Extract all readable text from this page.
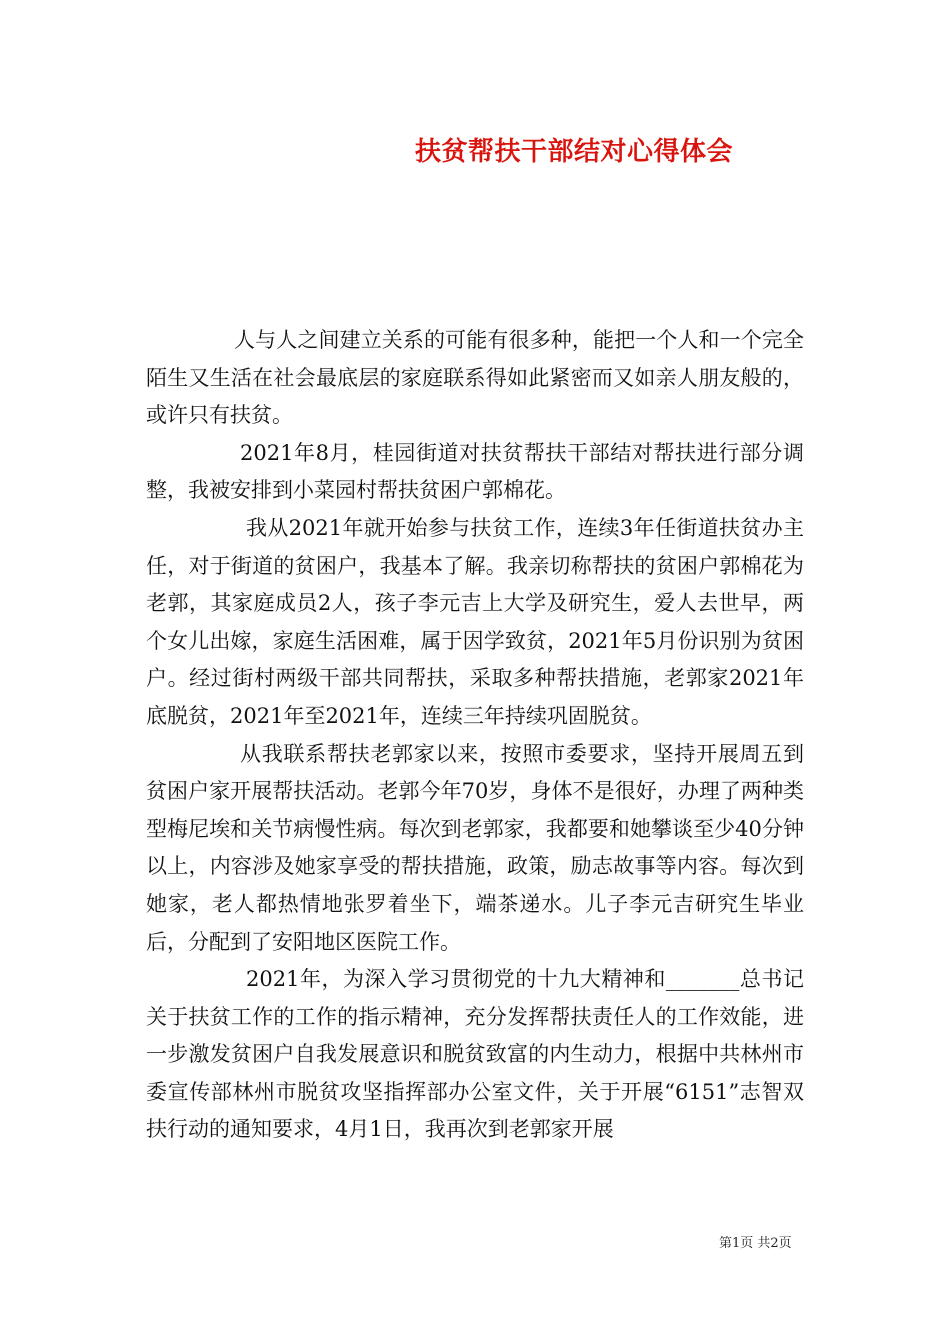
扶贫帮扶干部结对心得体会

人与人之间建立关系的可能有很多种，能把一个人和一个完全陌生又生活在社会最底层的家庭联系得如此紧密而又如亲人朋友般的，或许只有扶贫。

2021年8月，桂园街道对扶贫帮扶干部结对帮扶进行部分调整，我被安排到小菜园村帮扶贫困户郭棉花。

我从2021年就开始参与扶贫工作，连续3年任街道扶贫办主任，对于街道的贫困户，我基本了解。我亲切称帮扶的贫困户郭棉花为老郭，其家庭成员2人，孩子李元吉上大学及研究生，爱人去世早，两个女儿出嫁，家庭生活困难，属于因学致贫，2021年5月份识别为贫困户。经过街村两级干部共同帮扶，采取多种帮扶措施，老郭家2021年底脱贫，2021年至2021年，连续三年持续巩固脱贫。

从我联系帮扶老郭家以来，按照市委要求，坚持开展周五到贫困户家开展帮扶活动。老郭今年70岁，身体不是很好，办理了两种类型梅尼埃和关节病慢性病。每次到老郭家，我都要和她攀谈至少40分钟以上，内容涉及她家享受的帮扶措施，政策，励志故事等内容。每次到她家，老人都热情地张罗着坐下，端茶递水。儿子李元吉研究生毕业后，分配到了安阳地区医院工作。

2021年，为深入学习贯彻党的十九大精神和_______总书记关于扶贫工作的工作的指示精神，充分发挥帮扶责任人的工作效能，进一步激发贫困户自我发展意识和脱贫致富的内生动力，根据中共林州市委宣传部林州市脱贫攻坚指挥部办公室文件，关于开展“6151”志智双扶行动的通知要求，4月1日，我再次到老郭家开展

第1页 共2页
